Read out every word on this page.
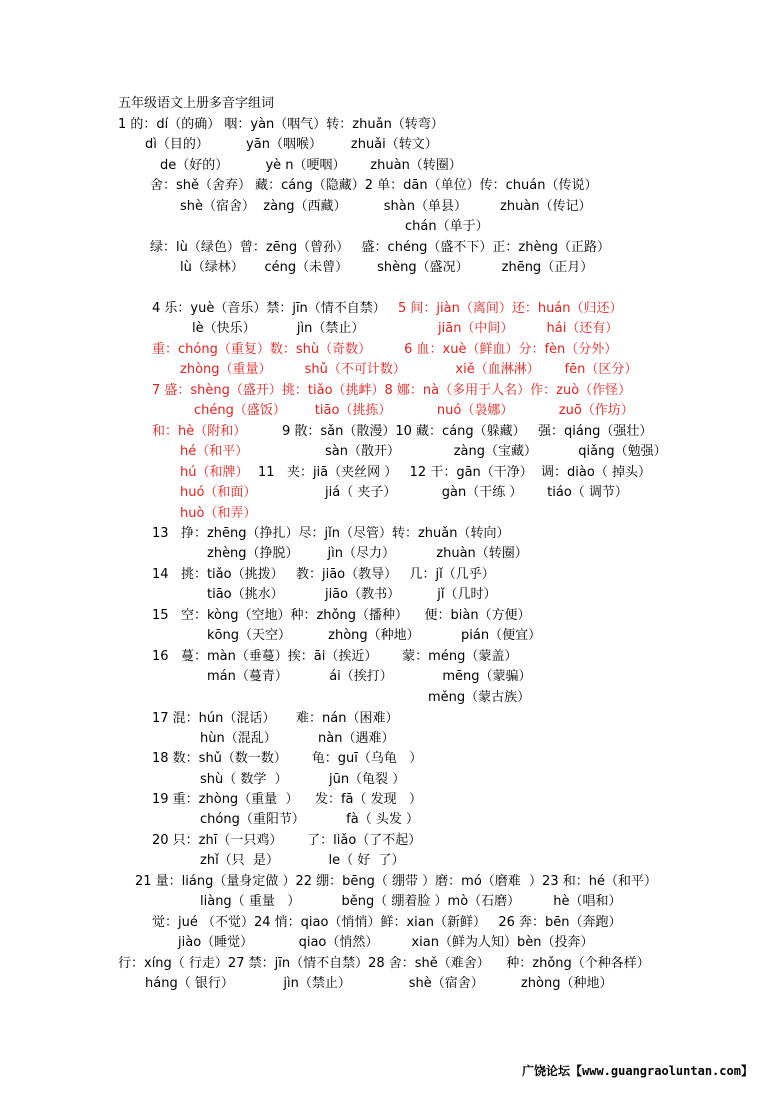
五年级语文上册多音字组词
1 的：dí（的确） 咽：yàn（咽气）转：zhuǎn（转弯）
dì（目的）         yān（咽喉）       zhuǎi（转文）
de（好的）         yè n（哽咽）      zhuàn（转圈）
舍：shě（舍弃） 藏：cáng（隐藏）2 单：dān（单位）传：chuán（传说）
shè（宿舍）  zàng（西藏）         shàn（单县）        zhuàn（传记）
chán（单于）
绿：lù（绿色）曾：zēng（曾孙）   盛：chéng（盛不下）正：zhèng（正路）
lù（绿林）     céng（未曾）       shèng（盛况）        zhēng（正月）
4 乐：yuè（音乐）禁：jīn（情不自禁） 5 间：jiàn（离间）还：huán（归还）
lè（快乐）          jìn（禁止）	jiān（中间）        hái（还有）
重：chóng（重复）数：shù（奇数）        6 血：xuè（鲜血）分：fèn（分外）
zhòng（重量）        shǔ（不可计数）            xiě（血淋淋）      fēn（区分）
7 盛：shèng（盛开）挑：tiǎo（挑衅）8 娜：nà（多用于人名）作：zuò（作怪）
chéng（盛饭）       tiāo（挑拣）           nuó（袅娜）           zuō（作坊）
和：hè（附和）	9 散：sǎn（散漫）10 藏：cáng（躲藏）   强：qiáng（强壮）
hé（和平）	sàn（散开）             zàng（宝藏）          qiǎng（勉强）
hú（和牌） 11   夹：jiā（夹丝网 ）   12 干：gān（干净）  调：diào（ 掉头）
huó（和面）	jiá（ 夹子）           gàn（干练 ）      tiáo（ 调节）
huò（和弄）
13   挣：zhēng（挣扎）尽：jǐn（尽管）转：zhuǎn（转向）
zhèng（挣脱）       jìn（尽力）          zhuàn（转圈）
14   挑：tiǎo（挑拨）   教：jiāo（教导）   几：jǐ（几乎）
tiāo（挑水）          jiāo（教书）         jǐ（几时）
15   空：kòng（空地）种：zhǒng（播种）    便：biàn（方便）
kōng（天空）         zhòng（种地）          pián（便宜）
16   蔓：màn（垂蔓）挨：āi（挨近）      蒙：méng（蒙盖）
mán（蔓青）          ái（挨打）            mēng（蒙骗）
měng（蒙古族）
17 混：hún（混话）     难：nán（困难）
hùn（混乱）          nàn（遇难）
18 数：shǔ（数一数）      龟：guī（乌龟   ）
shù（ 数学  ）          jūn（龟裂 ）
19 重：zhòng（重量  ）    发：fā（ 发现   ）
chóng（重阳节）          fà（ 头发 ）
20 只：zhī（一只鸡）      了：liǎo（了不起）
zhǐ（只  是）            le（ 好  了）
21 量：liáng（量身定做 ）22 绷：bēng（ 绷带 ）磨：mó（磨难  ）23 和：hé（和平）
liàng（ 重量   ）          běng（ 绷着脸 ）mò（石磨）        hè（唱和）
觉：jué （不觉）24 悄：qiao（悄悄）鲜：xian（新鲜）   26 奔：bēn（奔跑）
jiào（睡觉）           qiao（悄然）        xian（鲜为人知）bèn（投奔）
行：xíng（ 行走）27 禁：jīn（情不自禁）28 舍：shě（难舍）    种：zhǒng（个种各样）
háng（ 银行）            jìn（禁止）              shè（宿舍）         zhòng（种地）
广饶论坛【www.guangraoluntan.com】
